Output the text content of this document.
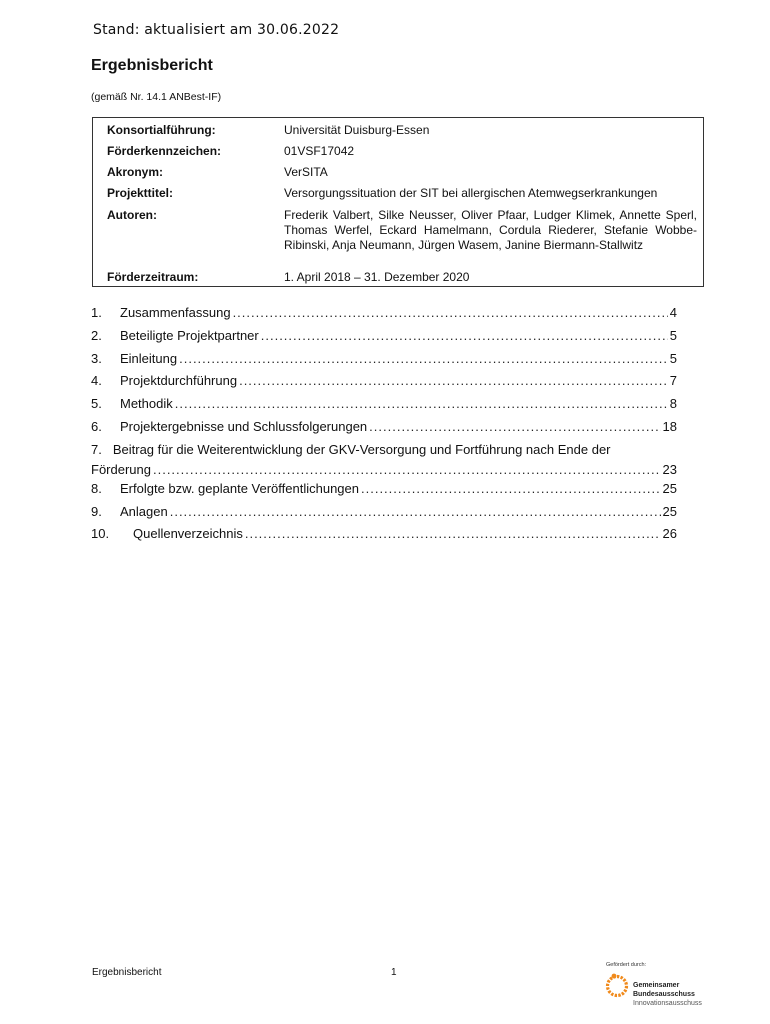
Stand: aktualisiert am 30.06.2022
Ergebnisbericht
(gemäß Nr. 14.1 ANBest-IF)
Konsortialführung:	Universität Duisburg-Essen
Förderkennzeichen:	01VSF17042
Akronym:	VerSITA
Projekttitel:	Versorgungssituation der SIT bei allergischen Atemwegserkrankungen
Autoren:	Frederik Valbert, Silke Neusser, Oliver Pfaar, Ludger Klimek, Annette Sperl, Thomas Werfel, Eckard Hamelmann, Cordula Riederer, Stefanie Wobbe-Ribinski, Anja Neumann, Jürgen Wasem, Janine Biermann-Stallwitz
Förderzeitraum:	1. April 2018 – 31. Dezember 2020
1. Zusammenfassung .....	4
2. Beteiligte Projektpartner .....	5
3. Einleitung .....	5
4. Projektdurchführung .....	7
5. Methodik .....	8
6. Projektergebnisse und Schlussfolgerungen .....	18
7. Beitrag für die Weiterentwicklung der GKV-Versorgung und Fortführung nach Ende der
Förderung .....	23
8. Erfolgte bzw. geplante Veröffentlichungen .....	25
9. Anlagen .....	25
10. Quellenverzeichnis .....	26
Ergebnisbericht	1
Gefördert durch:
Gemeinsamer
Bundesausschuss
Innovationsausschuss
